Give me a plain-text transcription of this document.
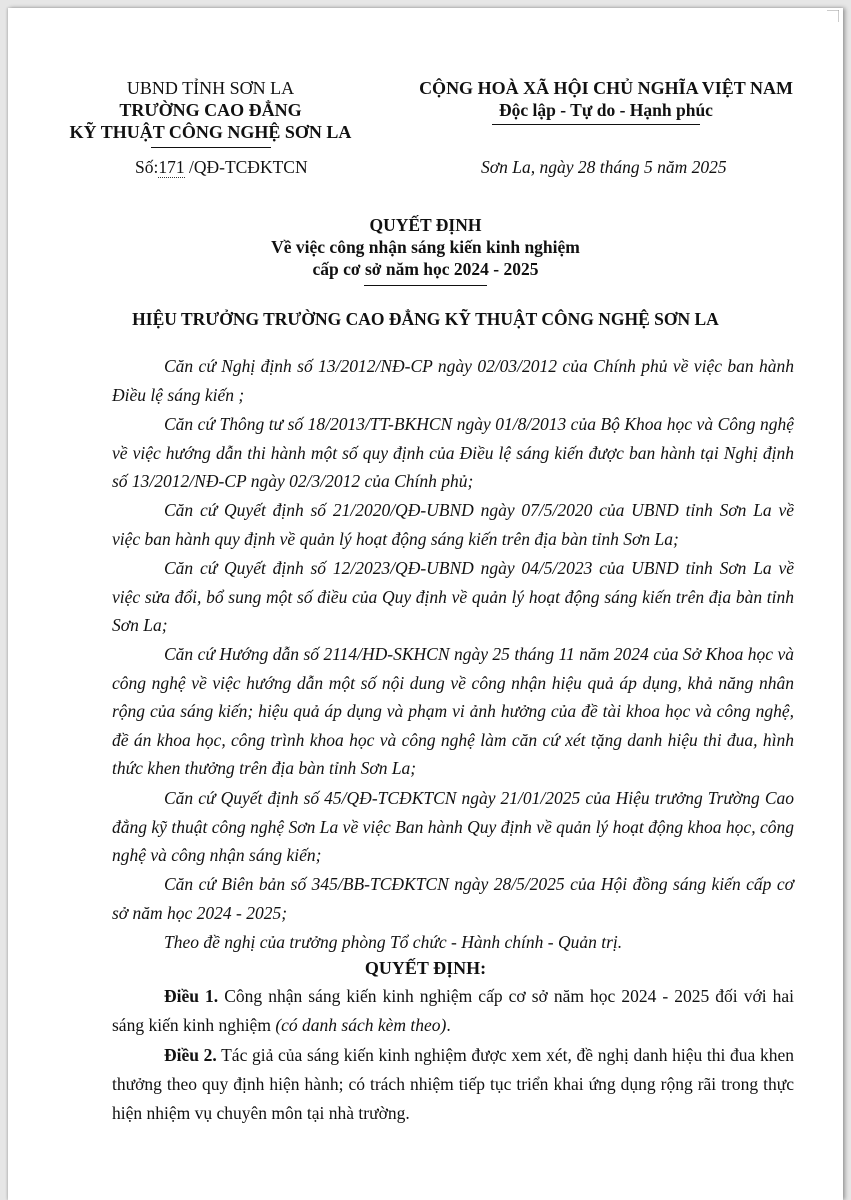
UBND TỈNH SƠN LA
TRƯỜNG CAO ĐẲNG
KỸ THUẬT CÔNG NGHỆ SƠN LA
Số:171 /QĐ-TCĐKTCN
CỘNG HOÀ XÃ HỘI CHỦ NGHĨA VIỆT NAM
Độc lập - Tự do - Hạnh phúc
Sơn La, ngày 28 tháng 5 năm 2025
QUYẾT ĐỊNH
Về việc công nhận sáng kiến kinh nghiệm
cấp cơ sở năm học 2024 - 2025
HIỆU TRƯỞNG TRƯỜNG CAO ĐẲNG KỸ THUẬT CÔNG NGHỆ SƠN LA
Căn cứ Nghị định số 13/2012/NĐ-CP ngày 02/03/2012 của Chính phủ về việc ban hành Điều lệ sáng kiến ;
Căn cứ Thông tư số 18/2013/TT-BKHCN ngày 01/8/2013 của Bộ Khoa học và Công nghệ về việc hướng dẫn thi hành một số quy định của Điều lệ sáng kiến được ban hành tại Nghị định số 13/2012/NĐ-CP ngày 02/3/2012 của Chính phủ;
Căn cứ Quyết định số 21/2020/QĐ-UBND ngày 07/5/2020 của UBND tỉnh Sơn La về việc ban hành quy định về quản lý hoạt động sáng kiến trên địa bàn tỉnh Sơn La;
Căn cứ Quyết định số 12/2023/QĐ-UBND ngày 04/5/2023 của UBND tỉnh Sơn La về việc sửa đổi, bổ sung một số điều của Quy định về quản lý hoạt động sáng kiến trên địa bàn tỉnh Sơn La;
Căn cứ Hướng dẫn số 2114/HD-SKHCN ngày 25 tháng 11 năm 2024 của Sở Khoa học và công nghệ về việc hướng dẫn một số nội dung về công nhận hiệu quả áp dụng, khả năng nhân rộng của sáng kiến; hiệu quả áp dụng và phạm vi ảnh hưởng của đề tài khoa học và công nghệ, đề án khoa học, công trình khoa học và công nghệ làm căn cứ xét tặng danh hiệu thi đua, hình thức khen thưởng trên địa bàn tỉnh Sơn La;
Căn cứ Quyết định số 45/QĐ-TCĐKTCN ngày 21/01/2025 của Hiệu trưởng Trường Cao đẳng kỹ thuật công nghệ Sơn La về việc Ban hành Quy định về quản lý hoạt động khoa học, công nghệ và công nhận sáng kiến;
Căn cứ Biên bản số 345/BB-TCĐKTCN ngày 28/5/2025 của Hội đồng sáng kiến cấp cơ sở năm học 2024 - 2025;
Theo đề nghị của trưởng phòng Tổ chức - Hành chính - Quản trị.
QUYẾT ĐỊNH:
Điều 1. Công nhận sáng kiến kinh nghiệm cấp cơ sở năm học 2024 - 2025 đối với hai sáng kiến kinh nghiệm (có danh sách kèm theo).
Điều 2. Tác giả của sáng kiến kinh nghiệm được xem xét, đề nghị danh hiệu thi đua khen thưởng theo quy định hiện hành; có trách nhiệm tiếp tục triển khai ứng dụng rộng rãi trong thực hiện nhiệm vụ chuyên môn tại nhà trường.
